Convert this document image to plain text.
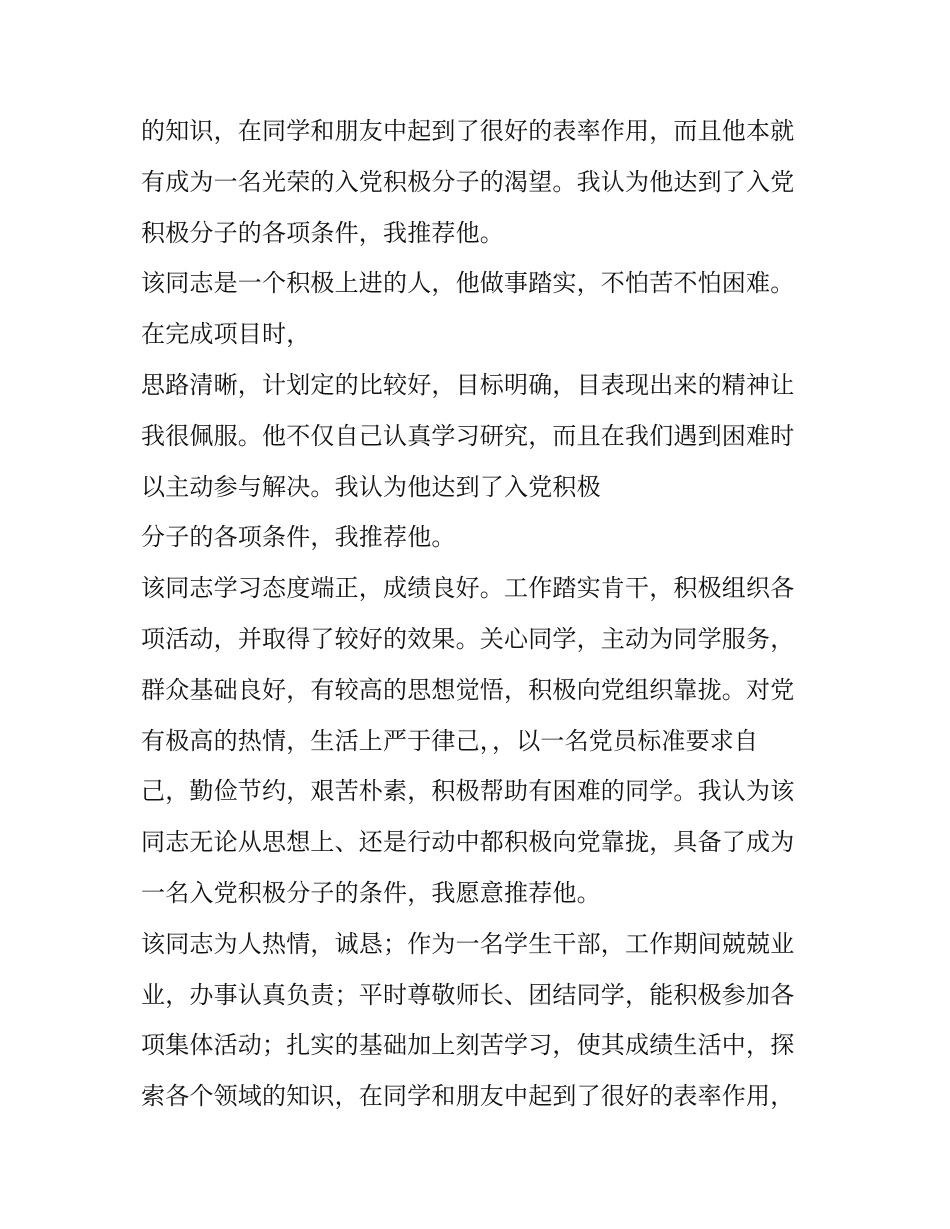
的知识，在同学和朋友中起到了很好的表率作用，而且他本就
有成为一名光荣的入党积极分子的渴望。我认为他达到了入党
积极分子的各项条件，我推荐他。
该同志是一个积极上进的人，他做事踏实，不怕苦不怕困难。
在完成项目时，
思路清晰，计划定的比较好，目标明确，目表现出来的精神让
我很佩服。他不仅自己认真学习研究，而且在我们遇到困难时
以主动参与解决。我认为他达到了入党积极
分子的各项条件，我推荐他。
该同志学习态度端正，成绩良好。工作踏实肯干，积极组织各
项活动，并取得了较好的效果。关心同学，主动为同学服务，
群众基础良好，有较高的思想觉悟，积极向党组织靠拢。对党
有极高的热情，生活上严于律己，，以一名党员标准要求自
己，勤俭节约，艰苦朴素，积极帮助有困难的同学。我认为该
同志无论从思想上、还是行动中都积极向党靠拢，具备了成为
一名入党积极分子的条件，我愿意推荐他。
该同志为人热情，诚恳；作为一名学生干部，工作期间兢兢业
业，办事认真负责；平时尊敬师长、团结同学，能积极参加各
项集体活动；扎实的基础加上刻苦学习，使其成绩生活中，探
索各个领域的知识，在同学和朋友中起到了很好的表率作用，
